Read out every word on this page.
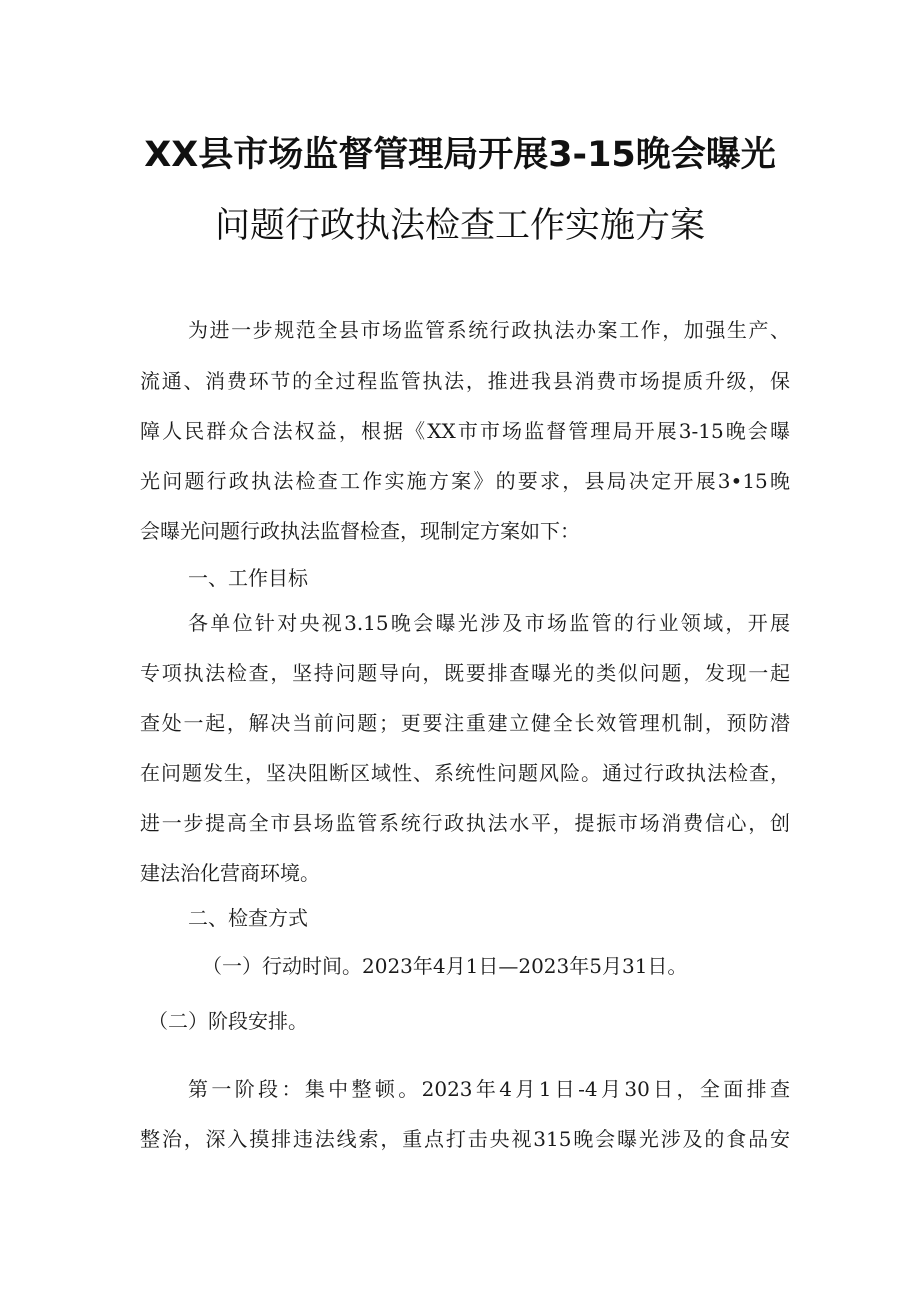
XX县市场监督管理局开展3-15晚会曝光
问题行政执法检查工作实施方案
为进一步规范全县市场监管系统行政执法办案工作，加强生产、
流通、消费环节的全过程监管执法，推进我县消费市场提质升级，保
障人民群众合法权益，根据《XX市市场监督管理局开展3-15晚会曝
光问题行政执法检查工作实施方案》的要求，县局决定开展3•15晚
会曝光问题行政执法监督检查，现制定方案如下：
一、工作目标
各单位针对央视3.15晚会曝光涉及市场监管的行业领域，开展
专项执法检查，坚持问题导向，既要排查曝光的类似问题，发现一起
查处一起，解决当前问题；更要注重建立健全长效管理机制，预防潜
在问题发生，坚决阻断区域性、系统性问题风险。通过行政执法检查，
进一步提高全市县场监管系统行政执法水平，提振市场消费信心，创
建法治化营商环境。
二、检查方式
（一）行动时间。2023年4月1日—2023年5月31日。
（二）阶段安排。
第一阶段：集中整顿。2023年4月1日-4月30日，全面排查
整治，深入摸排违法线索，重点打击央视315晚会曝光涉及的食品安
